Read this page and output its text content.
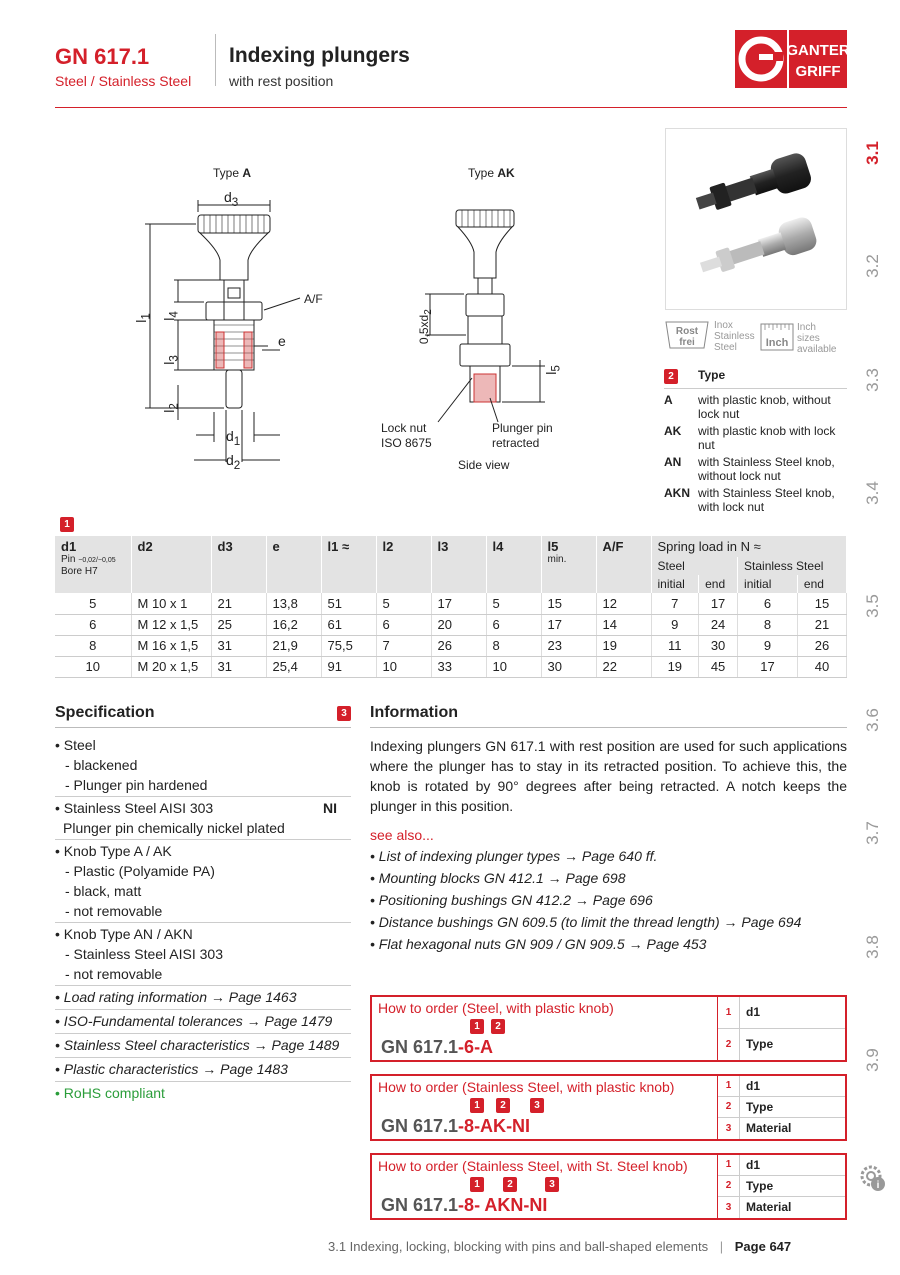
GN 617.1
Steel / Stainless Steel
Indexing plungers
with rest position
GANTER
GRIFF
3.1
3.2
3.3
3.4
3.5
3.6
3.7
3.8
3.9
i
Type A	Type AK
$d_3$
A/F
e
$l_1$ $l_4$
$l_3$
$l_2$
$d_1$
$d_2$
$0,5xd_2$
$l_5$
Lock nut
ISO 8675
Plunger pin
retracted
Side view
Rost
frei
Inox
Stainless
Steel	Inch
Inch
sizes
available
2	Type
A	with plastic knob, without lock nut
AK	with plastic knob with lock nut
AN	with Stainless Steel knob, without lock nut
AKN with Stainless Steel knob, with lock nut
1
d1
Pin −0,02/−0,05
Bore H7	d2	d3	e	l1 ≈	l2	l3	l4	l5
min.	A/F	Spring load in N ≈			
										Steel		Stainless Steel	
										initial	end	initial	end
5	M 10 x 1	21	13,8	51	5	17	5	15	12	7	17	6	15
6	M 12 x 1,5	25	16,2	61	6	20	6	17	14	9	24	8	21
8	M 16 x 1,5	31	21,9	75,5	7	26	8	23	19	11	30	9	26
10	M 20 x 1,5	31	25,4	91	10	33	10	30	22	19	45	17	40
Specification	3
• Steel
- blackened
- Plunger pin hardened
• Stainless Steel AISI 303	NI
Plunger pin chemically nickel plated
• Knob Type A / AK
- Plastic (Polyamide PA)
- black, matt
- not removable
• Knob Type AN / AKN
- Stainless Steel AISI 303
- not removable
• Load rating information → Page 1463
• ISO-Fundamental tolerances → Page 1479
• Stainless Steel characteristics → Page 1489
• Plastic characteristics → Page 1483
• RoHS compliant
Information
Indexing plungers GN 617.1 with rest position are used for such applications where the plunger has to stay in its retracted position. To achieve this, the knob is rotated by 90° degrees after being retracted. A notch keeps the plunger in this position.
see also...
• List of indexing plunger types → Page 640 ff.
• Mounting blocks GN 412.1 → Page 698
• Positioning bushings GN 412.2 → Page 696
• Distance bushings GN 609.5 (to limit the thread length) → Page 694
• Flat hexagonal nuts GN 909 / GN 909.5 → Page 453
How to order (Steel, with plastic knob)
1	2
GN 617.1-6-A
1	d1
2	Type
How to order (Stainless Steel, with plastic knob)
1	2	3
GN 617.1-8-AK-NI
1	d1
2	Type
3	Material
How to order (Stainless Steel, with St. Steel knob)
1	2	3
GN 617.1-8- AKN-NI
1	d1
2	Type
3	Material
3.1 Indexing, locking, blocking with pins and ball-shaped elements | Page 647
